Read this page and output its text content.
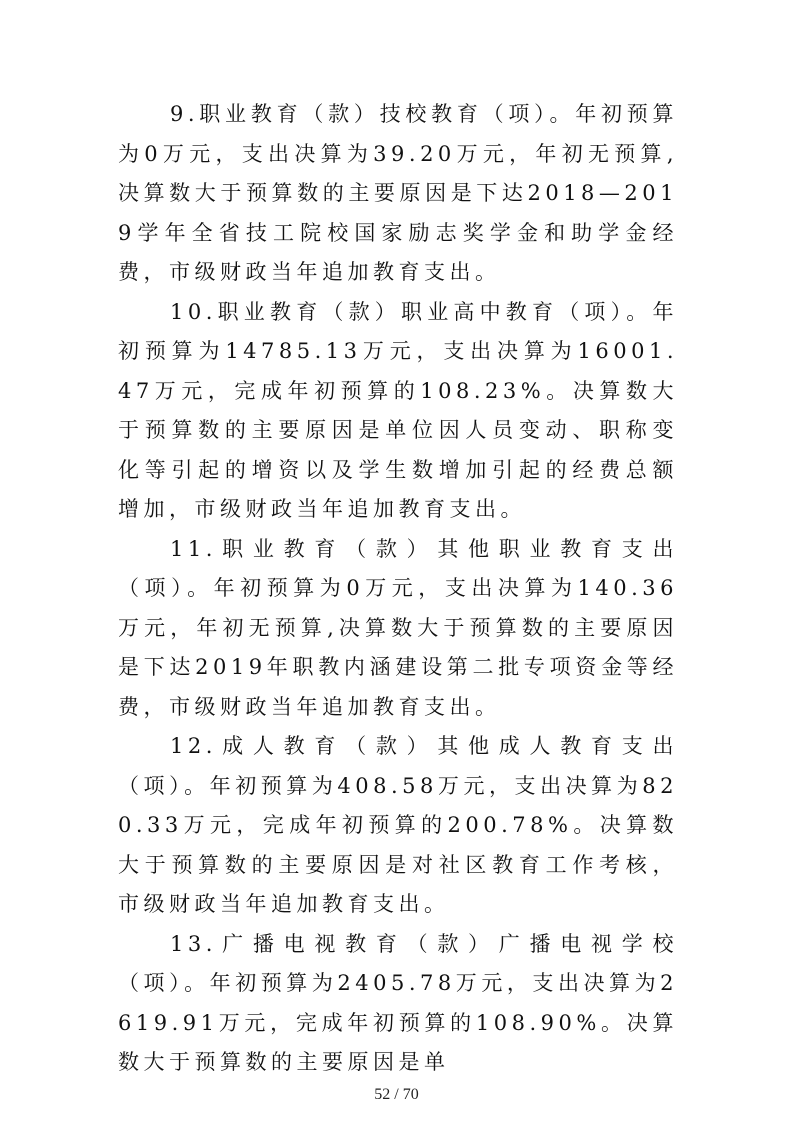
9.职业教育（款）技校教育（项）。年初预算为0万元，支出决算为39.20万元，年初无预算,决算数大于预算数的主要原因是下达2018—2019学年全省技工院校国家励志奖学金和助学金经费，市级财政当年追加教育支出。

10.职业教育（款）职业高中教育（项）。年初预算为14785.13万元，支出决算为16001.47万元，完成年初预算的108.23%。决算数大于预算数的主要原因是单位因人员变动、职称变化等引起的增资以及学生数增加引起的经费总额增加，市级财政当年追加教育支出。

11.职业教育（款）其他职业教育支出（项）。年初预算为0万元，支出决算为140.36万元，年初无预算,决算数大于预算数的主要原因是下达2019年职教内涵建设第二批专项资金等经费，市级财政当年追加教育支出。

12.成人教育（款）其他成人教育支出（项）。年初预算为408.58万元，支出决算为820.33万元，完成年初预算的200.78%。决算数大于预算数的主要原因是对社区教育工作考核，市级财政当年追加教育支出。

13.广播电视教育（款）广播电视学校（项）。年初预算为2405.78万元，支出决算为2619.91万元，完成年初预算的108.90%。决算数大于预算数的主要原因是单

52 / 70
